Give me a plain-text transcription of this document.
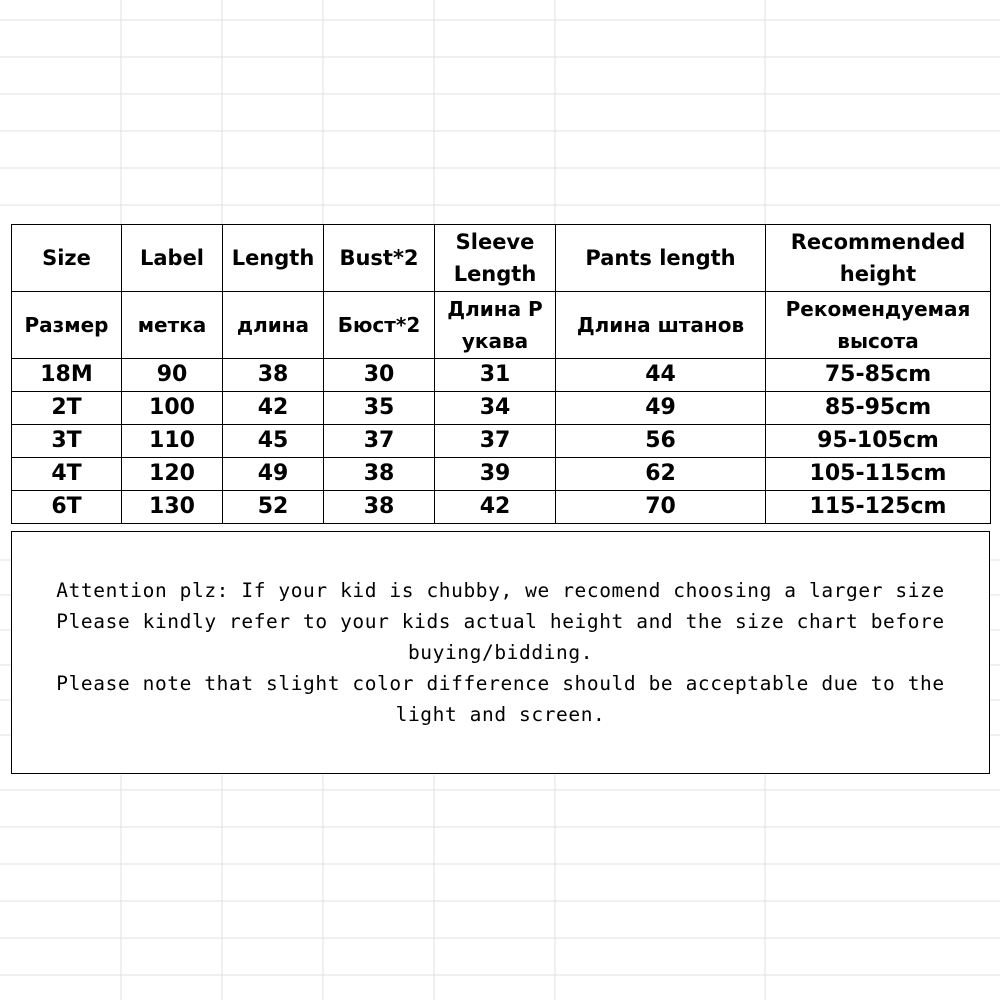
Size	Label	Length	Bust*2	Sleeve Length	Pants length	Recommended height
Размер	метка	длина	Бюст*2	Длина Р укава	Длина штанов	Рекомендуемая высота
18M	90	38	30	31	44	75-85cm
2T	100	42	35	34	49	85-95cm
3T	110	45	37	37	56	95-105cm
4T	120	49	38	39	62	105-115cm
6T	130	52	38	42	70	115-125cm
Attention plz: If your kid is chubby, we recomend choosing a larger size
Please kindly refer to your kids actual height and the size chart before buying/bidding.
Please note that slight color difference should be acceptable due to the light and screen.
